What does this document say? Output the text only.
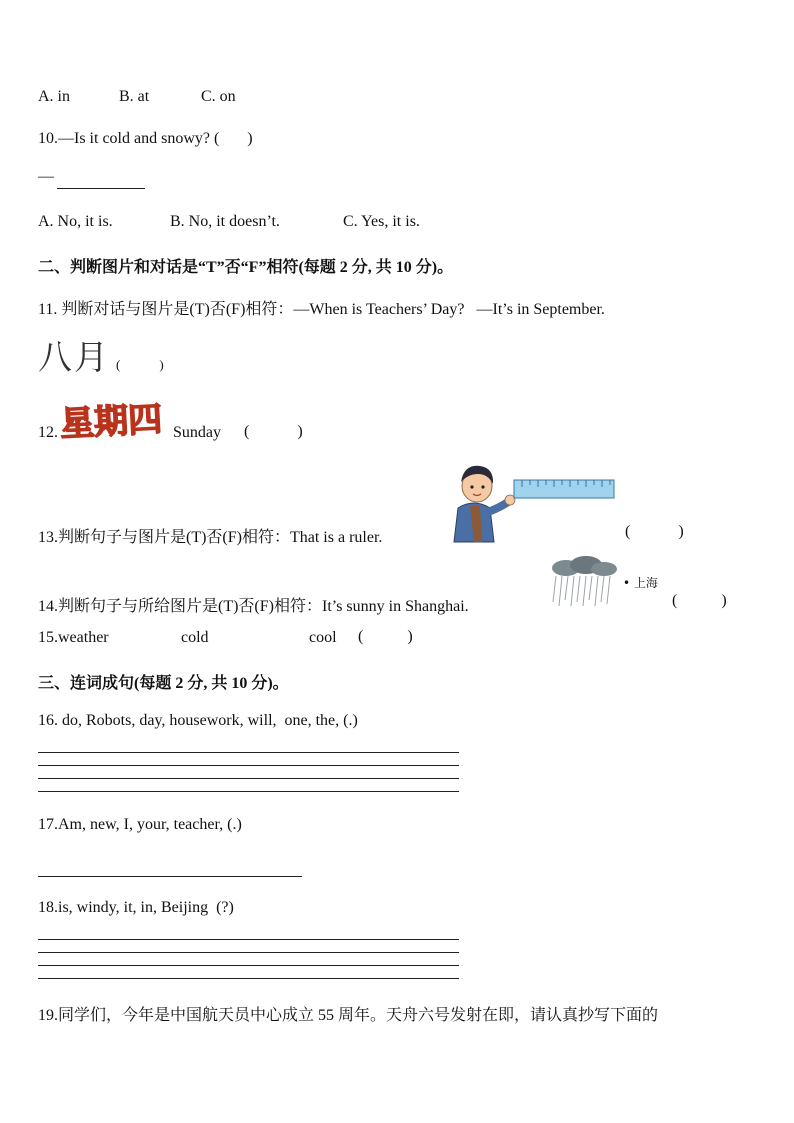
A. in	B. at	C. on
10.—Is it cold and snowy? (       )
—
A. No, it is.	B. No, it doesn’t.	C. Yes, it is.
二、判断图片和对话是“T”否“F”相符(每题 2 分, 共 10 分)。
11. 判断对话与图片是(T)否(F)相符：—When is Teachers’ Day?   —It’s in September.
八月 (            )
12. 星期四 Sunday (            )
13.判断句子与图片是(T)否(F)相符：That is a ruler.	(            )
14.判断句子与所给图片是(T)否(F)相符：It’s sunny in Shanghai.
• 上海
(           )
15.weather	cold	cool (           )
三、连词成句(每题 2 分, 共 10 分)。
16. do, Robots, day, housework, will,  one, the, (.)
17.Am, new, I, your, teacher, (.)
18.is, windy, it, in, Beijing  (?)
19.同学们，今年是中国航天员中心成立 55 周年。天舟六号发射在即，请认真抄写下面的
